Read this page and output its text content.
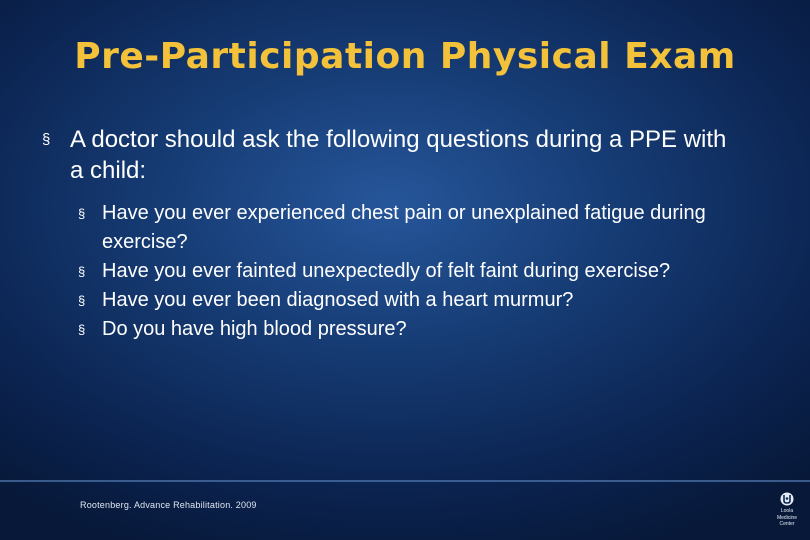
Pre-Participation Physical Exam
§ A doctor should ask the following questions during a PPE with a child:
§ Have you ever experienced chest pain or unexplained fatigue during exercise?
§ Have you ever fainted unexpectedly of felt faint during exercise?
§ Have you ever been diagnosed with a heart murmur?
§ Do you have high blood pressure?
Rootenberg. Advance Rehabilitation. 2009
Loola
Medicine
Center
